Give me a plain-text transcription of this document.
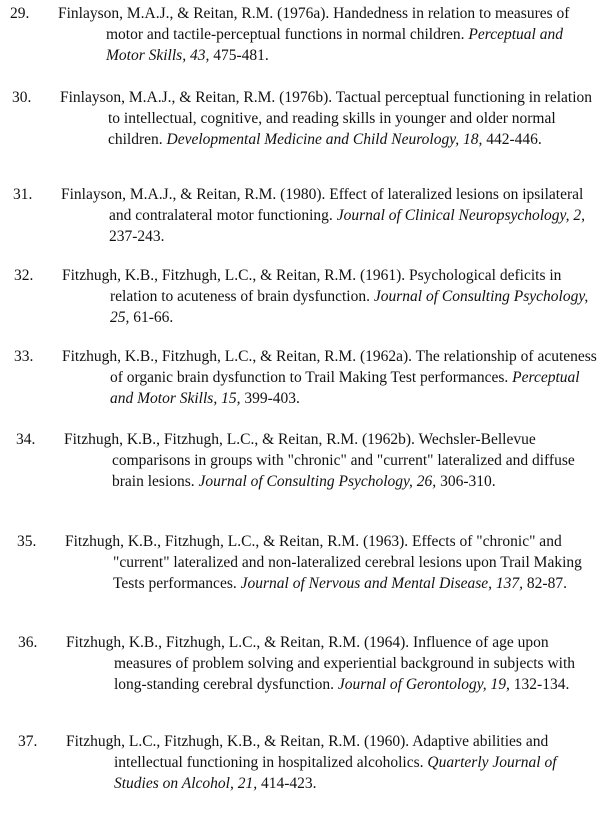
29. Finlayson, M.A.J., & Reitan, R.M. (1976a). Handedness in relation to measures of motor and tactile-perceptual functions in normal children. Perceptual and Motor Skills, 43, 475-481.
30. Finlayson, M.A.J., & Reitan, R.M. (1976b). Tactual perceptual functioning in relation to intellectual, cognitive, and reading skills in younger and older normal children. Developmental Medicine and Child Neurology, 18, 442-446.
31. Finlayson, M.A.J., & Reitan, R.M. (1980). Effect of lateralized lesions on ipsilateral and contralateral motor functioning. Journal of Clinical Neuropsychology, 2, 237-243.
32. Fitzhugh, K.B., Fitzhugh, L.C., & Reitan, R.M. (1961). Psychological deficits in relation to acuteness of brain dysfunction. Journal of Consulting Psychology, 25, 61-66.
33. Fitzhugh, K.B., Fitzhugh, L.C., & Reitan, R.M. (1962a). The relationship of acuteness of organic brain dysfunction to Trail Making Test performances. Perceptual and Motor Skills, 15, 399-403.
34. Fitzhugh, K.B., Fitzhugh, L.C., & Reitan, R.M. (1962b). Wechsler-Bellevue comparisons in groups with "chronic" and "current" lateralized and diffuse brain lesions. Journal of Consulting Psychology, 26, 306-310.
35. Fitzhugh, K.B., Fitzhugh, L.C., & Reitan, R.M. (1963). Effects of "chronic" and "current" lateralized and non-lateralized cerebral lesions upon Trail Making Tests performances. Journal of Nervous and Mental Disease, 137, 82-87.
36. Fitzhugh, K.B., Fitzhugh, L.C., & Reitan, R.M. (1964). Influence of age upon measures of problem solving and experiential background in subjects with long-standing cerebral dysfunction. Journal of Gerontology, 19, 132-134.
37. Fitzhugh, L.C., Fitzhugh, K.B., & Reitan, R.M. (1960). Adaptive abilities and intellectual functioning in hospitalized alcoholics. Quarterly Journal of Studies on Alcohol, 21, 414-423.
